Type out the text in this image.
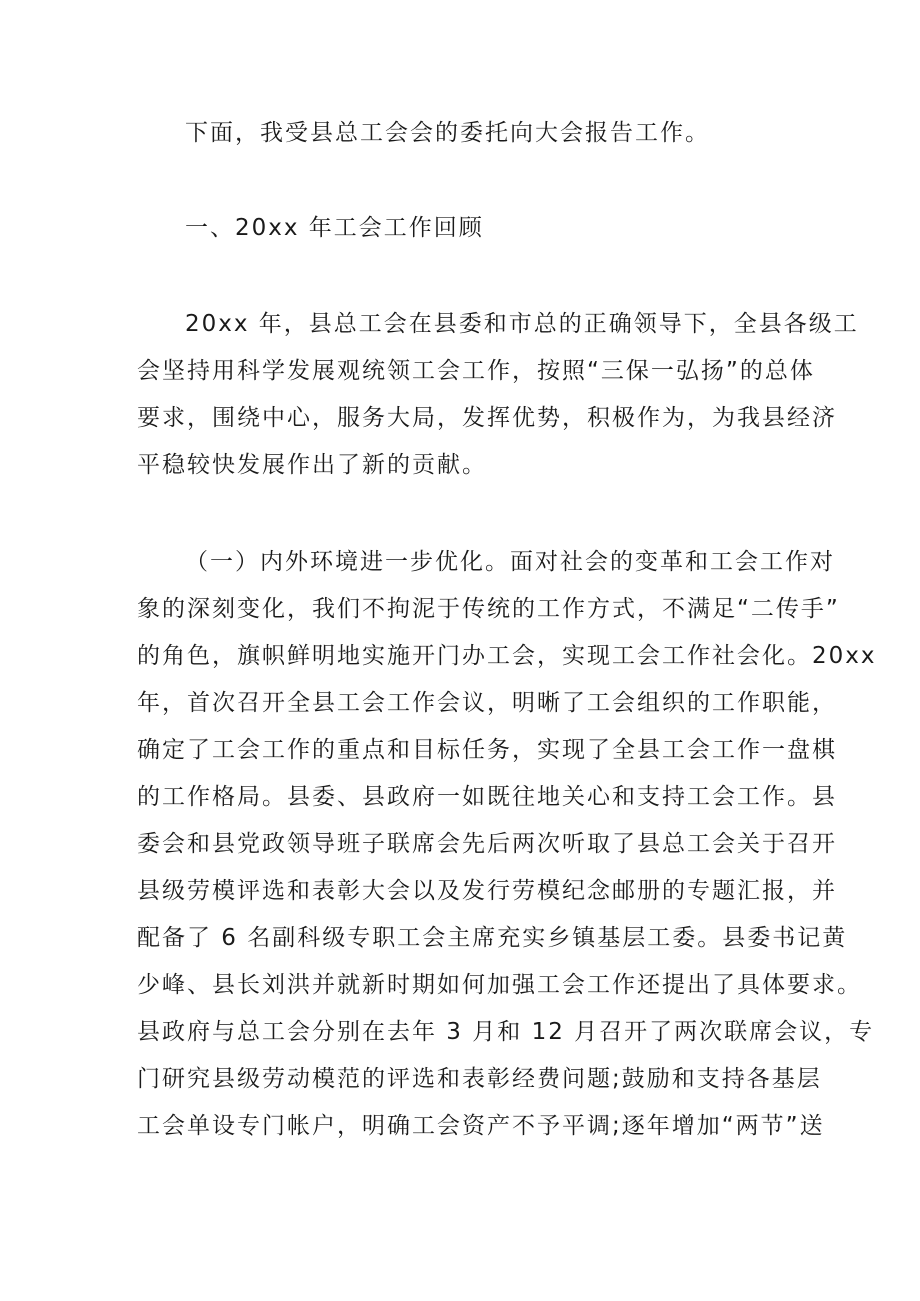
下面，我受县总工会会的委托向大会报告工作。

一、20xx 年工会工作回顾

20xx 年，县总工会在县委和市总的正确领导下，全县各级工
会坚持用科学发展观统领工会工作，按照“三保一弘扬”的总体
要求，围绕中心，服务大局，发挥优势，积极作为，为我县经济
平稳较快发展作出了新的贡献。
（一）内外环境进一步优化。面对社会的变革和工会工作对
象的深刻变化，我们不拘泥于传统的工作方式，不满足“二传手”
的角色，旗帜鲜明地实施开门办工会，实现工会工作社会化。20xx
年，首次召开全县工会工作会议，明晰了工会组织的工作职能，
确定了工会工作的重点和目标任务，实现了全县工会工作一盘棋
的工作格局。县委、县政府一如既往地关心和支持工会工作。县
委会和县党政领导班子联席会先后两次听取了县总工会关于召开
县级劳模评选和表彰大会以及发行劳模纪念邮册的专题汇报，并
配备了 6 名副科级专职工会主席充实乡镇基层工委。县委书记黄
少峰、县长刘洪并就新时期如何加强工会工作还提出了具体要求。
县政府与总工会分别在去年 3 月和 12 月召开了两次联席会议，专
门研究县级劳动模范的评选和表彰经费问题;鼓励和支持各基层
工会单设专门帐户，明确工会资产不予平调;逐年增加“两节”送
